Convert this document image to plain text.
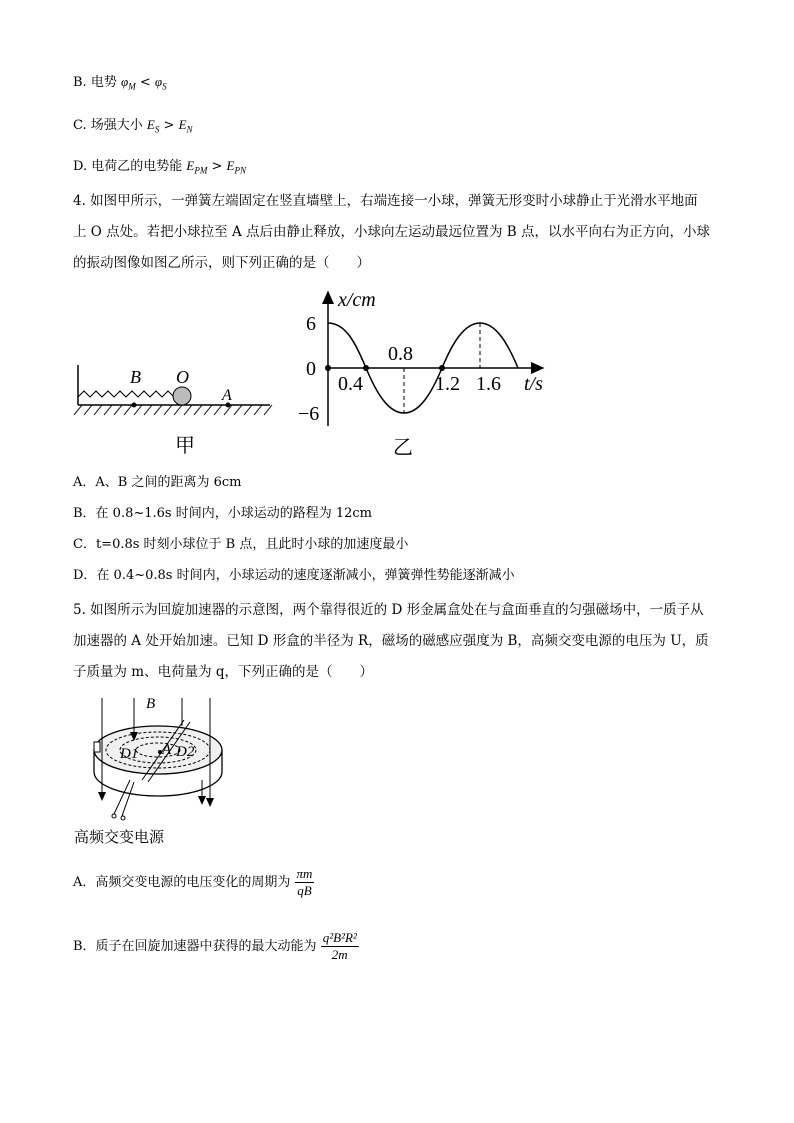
B. 电势 $\varphi_M < \varphi_S$
C. 场强大小 $E_S > E_N$
D. 电荷乙的电势能 $E_{PM} > E_{PN}$
4. 如图甲所示，一弹簧左端固定在竖直墙壁上，右端连接一小球，弹簧无形变时小球静止于光滑水平地面
上 O 点处。若把小球拉至 A 点后由静止释放，小球向左运动最远位置为 B 点，以水平向右为正方向，小球
的振动图像如图乙所示，则下列正确的是（　　）
B O
A
甲
x/cm
t/s
6
0
−6
0.4
0.8
1.2 1.6
乙
A．A、B 之间的距离为 6cm
B．在 0.8~1.6s 时间内，小球运动的路程为 12cm
C．t=0.8s 时刻小球位于 B 点，且此时小球的加速度最小
D．在 0.4~0.8s 时间内，小球运动的速度逐渐减小，弹簧弹性势能逐渐减小
5. 如图所示为回旋加速器的示意图，两个靠得很近的 D 形金属盒处在与盒面垂直的匀强磁场中，一质子从
加速器的 A 处开始加速。已知 D 形盒的半径为 R，磁场的磁感应强度为 B，高频交变电源的电压为 U，质
子质量为 m、电荷量为 q，下列正确的是（　　）
B
D1 A D2
高频交变电源
A．高频交变电源的电压变化的周期为 $\frac{\pi m}{qB}$
B．质子在回旋加速器中获得的最大动能为 $\frac{\text{q²B²R²}}{2m}$
